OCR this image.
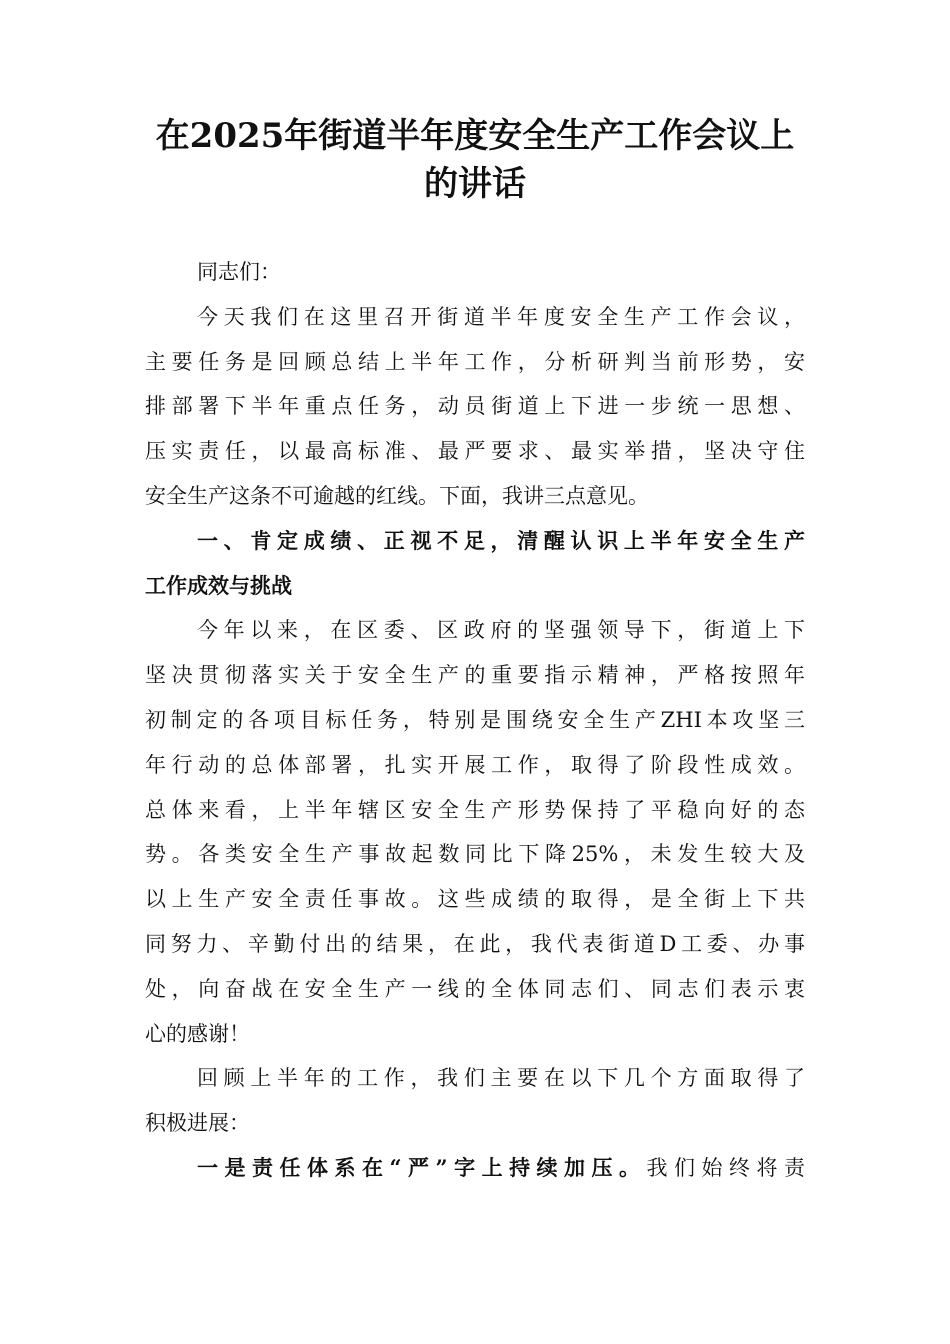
在2025年街道半年度安全生产工作会议上
的讲话
同志们：
今天我们在这里召开街道半年度安全生产工作会议，
主要任务是回顾总结上半年工作，分析研判当前形势，安
排部署下半年重点任务，动员街道上下进一步统一思想、
压实责任，以最高标准、最严要求、最实举措，坚决守住
安全生产这条不可逾越的红线。下面，我讲三点意见。
一、肯定成绩、正视不足，清醒认识上半年安全生产
工作成效与挑战
今年以来，在区委、区政府的坚强领导下，街道上下
坚决贯彻落实关于安全生产的重要指示精神，严格按照年
初制定的各项目标任务，特别是围绕安全生产ZHI本攻坚三
年行动的总体部署，扎实开展工作，取得了阶段性成效。
总体来看，上半年辖区安全生产形势保持了平稳向好的态
势。各类安全生产事故起数同比下降25%，未发生较大及
以上生产安全责任事故。这些成绩的取得，是全街上下共
同努力、辛勤付出的结果，在此，我代表街道D工委、办事
处，向奋战在安全生产一线的全体同志们、同志们表示衷
心的感谢！
回顾上半年的工作，我们主要在以下几个方面取得了
积极进展：
一是责任体系在“严”字上持续加压。我们始终将责
